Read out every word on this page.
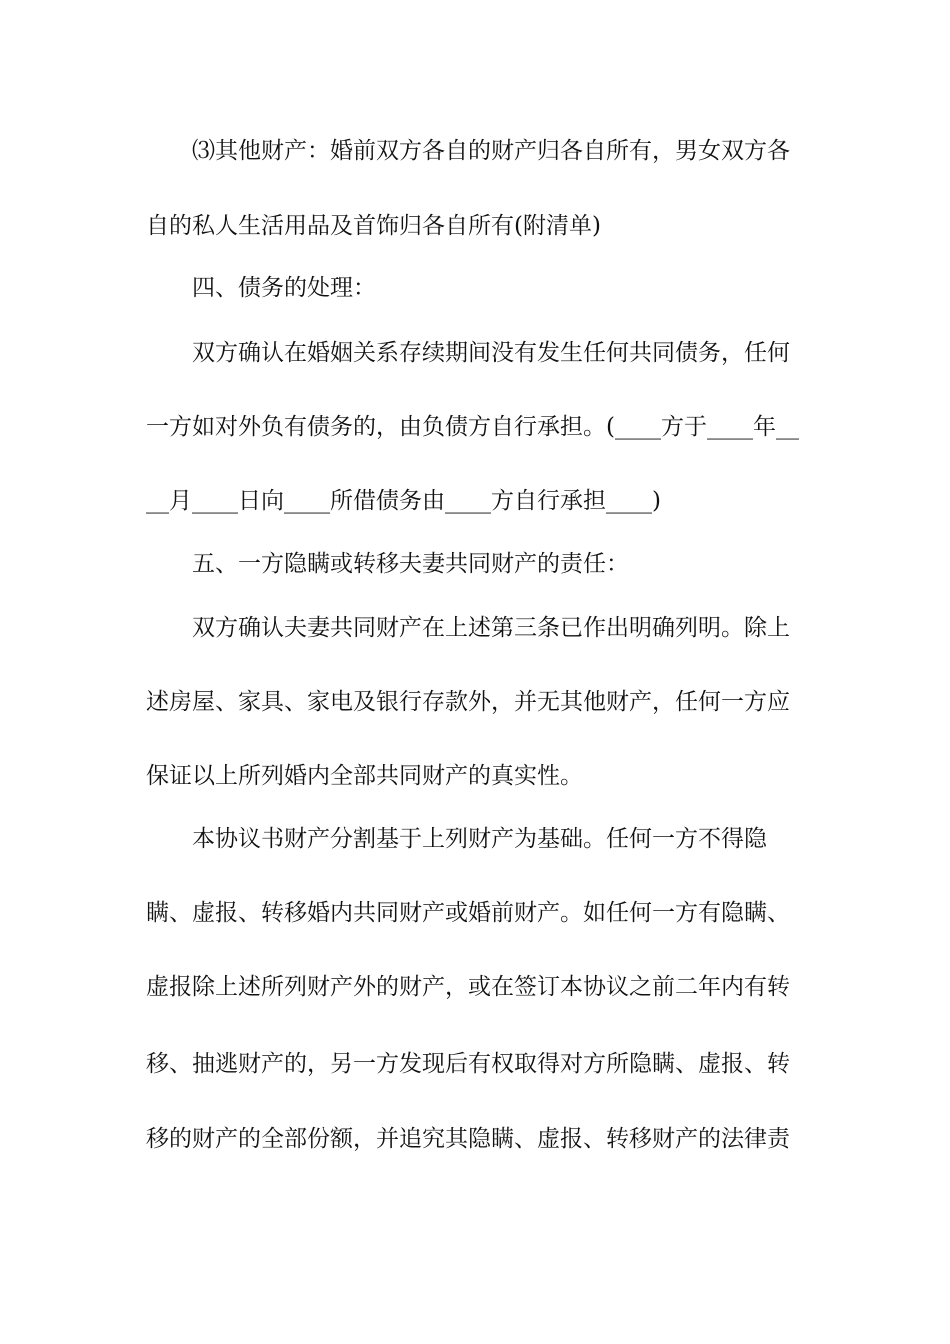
⑶其他财产：婚前双方各自的财产归各自所有，男女双方各
自的私人生活用品及首饰归各自所有(附清单)
四、债务的处理：
双方确认在婚姻关系存续期间没有发生任何共同债务，任何
一方如对外负有债务的，由负债方自行承担。(____方于____年__
__月____日向____所借债务由____方自行承担____)
五、一方隐瞒或转移夫妻共同财产的责任：
双方确认夫妻共同财产在上述第三条已作出明确列明。除上
述房屋、家具、家电及银行存款外，并无其他财产，任何一方应
保证以上所列婚内全部共同财产的真实性。
本协议书财产分割基于上列财产为基础。任何一方不得隐
瞒、虚报、转移婚内共同财产或婚前财产。如任何一方有隐瞒、
虚报除上述所列财产外的财产，或在签订本协议之前二年内有转
移、抽逃财产的，另一方发现后有权取得对方所隐瞒、虚报、转
移的财产的全部份额，并追究其隐瞒、虚报、转移财产的法律责
